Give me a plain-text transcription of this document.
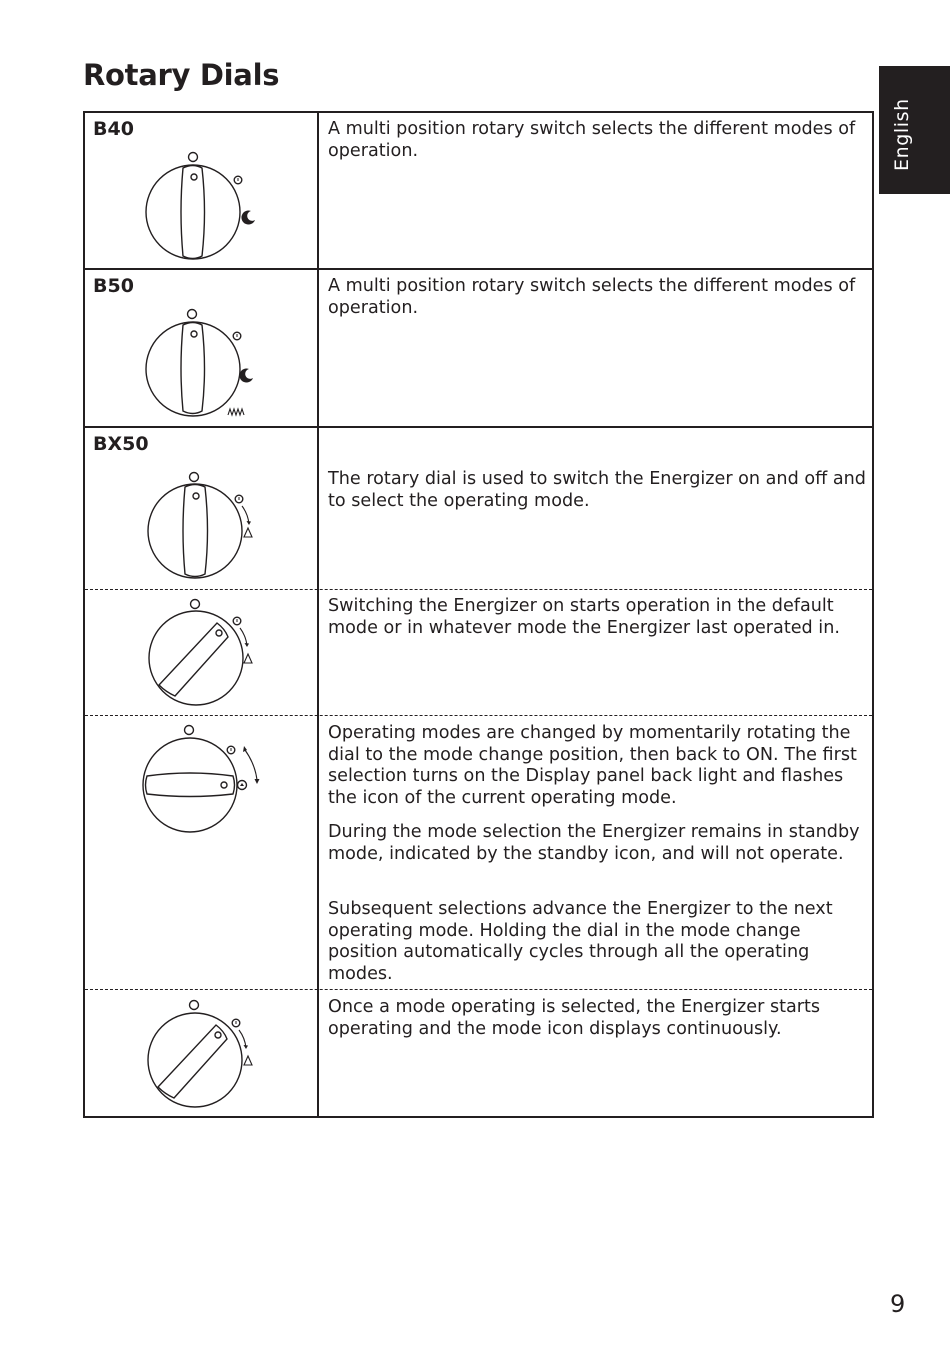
Rotary Dials
English

B40	A multi position rotary switch selects the different modes of operation.

B50	A multi position rotary switch selects the different modes of operation.

BX50

The rotary dial is used to switch the Energizer on and off and to select the operating mode.

Switching the Energizer on starts operation in the default mode or in whatever mode the Energizer last operated in.

Operating modes are changed by momentarily rotating the dial to the mode change position, then back to ON. The first selection turns on the Display panel back light and flashes the icon of the current operating mode.

During the mode selection the Energizer remains in standby mode, indicated by the standby icon, and will not operate.

Subsequent selections advance the Energizer to the next operating mode. Holding the dial in the mode change position automatically cycles through all the operating modes.

Once a mode operating is selected, the Energizer starts operating and the mode icon displays continuously.

9
